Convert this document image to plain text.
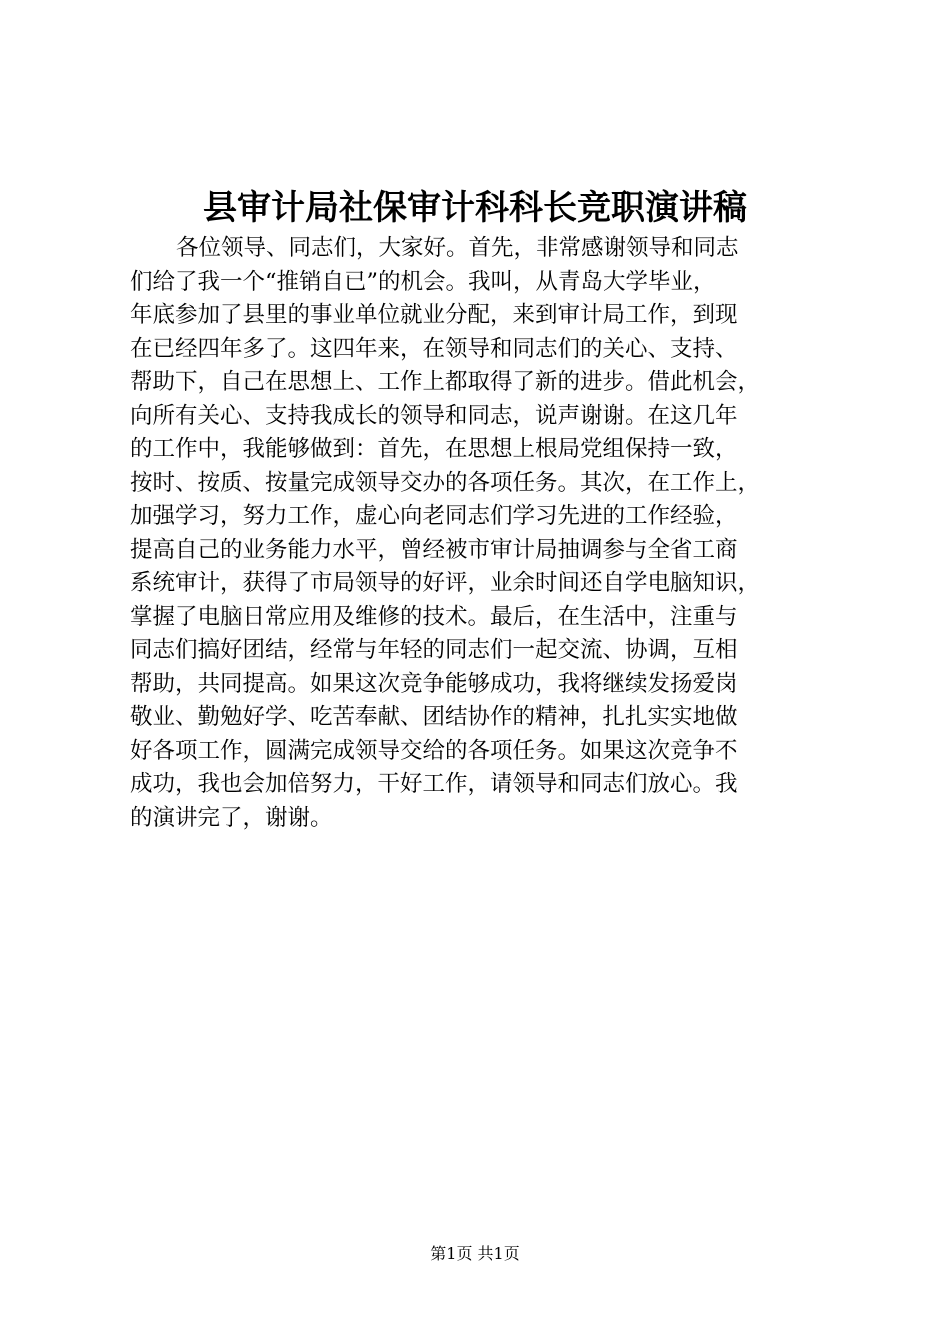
县审计局社保审计科科长竞职演讲稿
各位领导、同志们，大家好。首先，非常感谢领导和同志
们给了我一个“推销自已”的机会。我叫，从青岛大学毕业，
年底参加了县里的事业单位就业分配，来到审计局工作，到现
在已经四年多了。这四年来，在领导和同志们的关心、支持、
帮助下，自己在思想上、工作上都取得了新的进步。借此机会，
向所有关心、支持我成长的领导和同志，说声谢谢。在这几年
的工作中，我能够做到：首先，在思想上根局党组保持一致，
按时、按质、按量完成领导交办的各项任务。其次，在工作上，
加强学习，努力工作，虚心向老同志们学习先进的工作经验，
提高自己的业务能力水平，曾经被市审计局抽调参与全省工商
系统审计，获得了市局领导的好评，业余时间还自学电脑知识，
掌握了电脑日常应用及维修的技术。最后，在生活中，注重与
同志们搞好团结，经常与年轻的同志们一起交流、协调，互相
帮助，共同提高。如果这次竞争能够成功，我将继续发扬爱岗
敬业、勤勉好学、吃苦奉献、团结协作的精神，扎扎实实地做
好各项工作，圆满完成领导交给的各项任务。如果这次竞争不
成功，我也会加倍努力，干好工作，请领导和同志们放心。我
的演讲完了，谢谢。
第1页 共1页
